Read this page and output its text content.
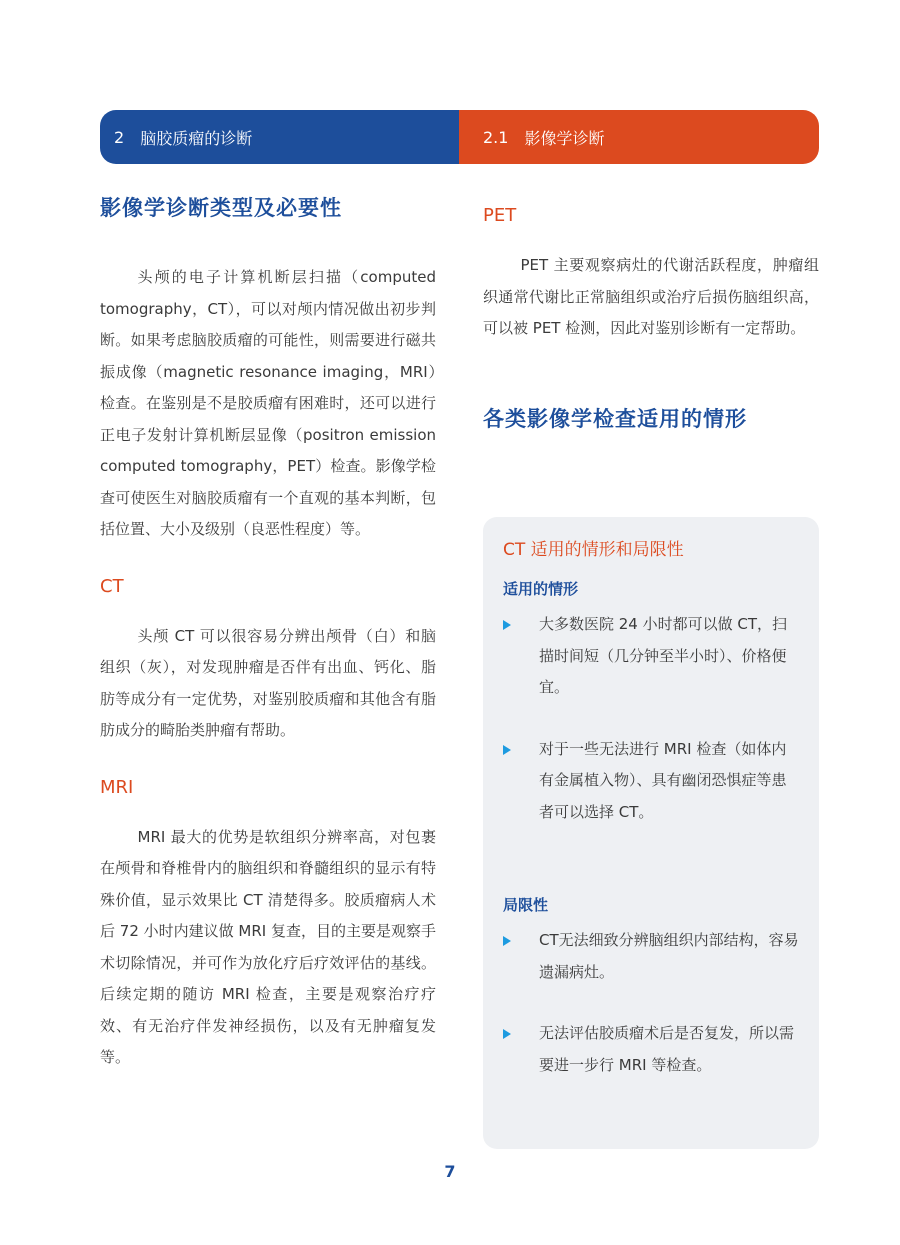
2 脑胶质瘤的诊断	2.1 影像学诊断
影像学诊断类型及必要性

头颅的电子计算机断层扫描（computed tomography，CT），可以对颅内情况做出初步判断。如果考虑脑胶质瘤的可能性，则需要进行磁共振成像（magnetic resonance imaging，MRI）检查。在鉴别是不是胶质瘤有困难时，还可以进行正电子发射计算机断层显像（positron emission computed tomography，PET）检查。影像学检查可使医生对脑胶质瘤有一个直观的基本判断，包括位置、大小及级别（良恶性程度）等。

CT

头颅 CT 可以很容易分辨出颅骨（白）和脑组织（灰），对发现肿瘤是否伴有出血、钙化、脂肪等成分有一定优势，对鉴别胶质瘤和其他含有脂肪成分的畸胎类肿瘤有帮助。

MRI

MRI 最大的优势是软组织分辨率高，对包裹在颅骨和脊椎骨内的脑组织和脊髓组织的显示有特殊价值，显示效果比 CT 清楚得多。胶质瘤病人术后 72 小时内建议做 MRI 复查，目的主要是观察手术切除情况，并可作为放化疗后疗效评估的基线。后续定期的随访 MRI 检查，主要是观察治疗疗效、有无治疗伴发神经损伤，以及有无肿瘤复发等。

PET

PET 主要观察病灶的代谢活跃程度，肿瘤组织通常代谢比正常脑组织或治疗后损伤脑组织高，可以被 PET 检测，因此对鉴别诊断有一定帮助。

各类影像学检查适用的情形
CT 适用的情形和局限性
适用的情形
大多数医院 24 小时都可以做 CT，扫描时间短（几分钟至半小时）、价格便宜。
对于一些无法进行 MRI 检查（如体内有金属植入物）、具有幽闭恐惧症等患者可以选择 CT。
局限性
CT无法细致分辨脑组织内部结构，容易遗漏病灶。
无法评估胶质瘤术后是否复发，所以需要进一步行 MRI 等检查。
7
